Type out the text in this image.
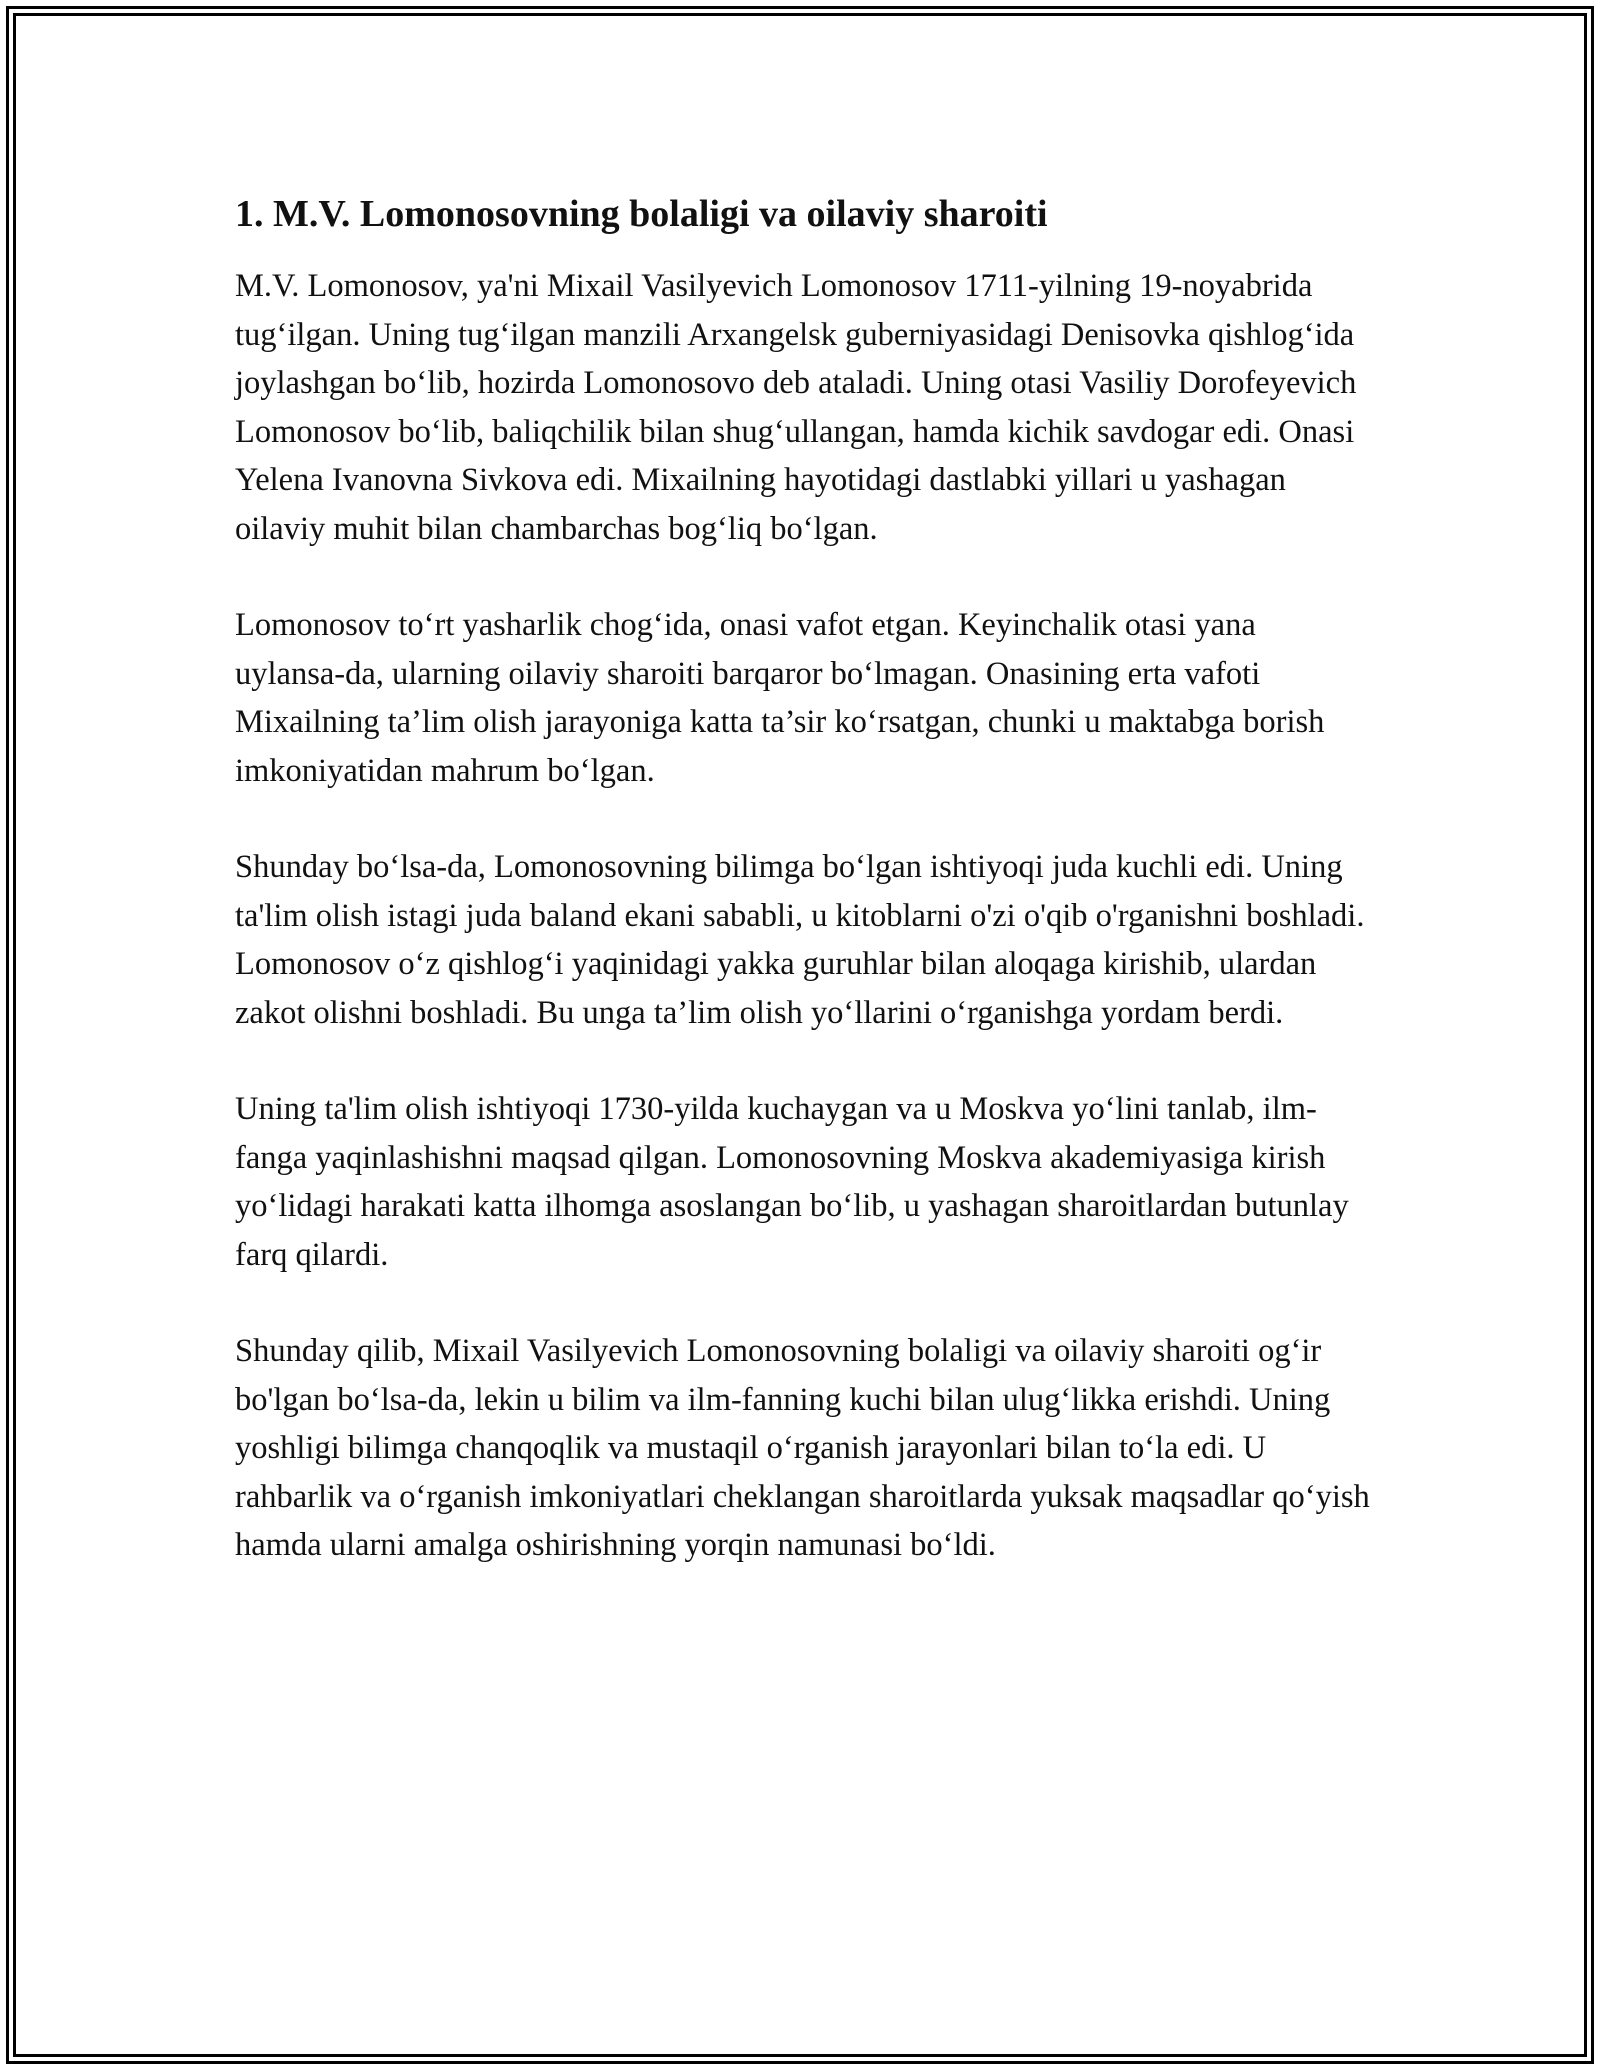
1. M.V. Lomonosovning bolaligi va oilaviy sharoiti

M.V. Lomonosov, ya'ni Mixail Vasilyevich Lomonosov 1711-yilning 19-noyabrida tug‘ilgan. Uning tug‘ilgan manzili Arxangelsk guberniyasidagi Denisovka qishlog‘ida joylashgan bo‘lib, hozirda Lomonosovo deb ataladi. Uning otasi Vasiliy Dorofeyevich Lomonosov bo‘lib, baliqchilik bilan shug‘ullangan, hamda kichik savdogar edi. Onasi Yelena Ivanovna Sivkova edi. Mixailning hayotidagi dastlabki yillari u yashagan oilaviy muhit bilan chambarchas bog‘liq bo‘lgan.

Lomonosov to‘rt yasharlik chog‘ida, onasi vafot etgan. Keyinchalik otasi yana uylansa-da, ularning oilaviy sharoiti barqaror bo‘lmagan. Onasining erta vafoti Mixailning ta’lim olish jarayoniga katta ta’sir ko‘rsatgan, chunki u maktabga borish imkoniyatidan mahrum bo‘lgan.

Shunday bo‘lsa-da, Lomonosovning bilimga bo‘lgan ishtiyoqi juda kuchli edi. Uning ta'lim olish istagi juda baland ekani sababli, u kitoblarni o'zi o'qib o'rganishni boshladi. Lomonosov o‘z qishlog‘i yaqinidagi yakka guruhlar bilan aloqaga kirishib, ulardan zakot olishni boshladi. Bu unga ta’lim olish yo‘llarini o‘rganishga yordam berdi.

Uning ta'lim olish ishtiyoqi 1730-yilda kuchaygan va u Moskva yo‘lini tanlab, ilm-fanga yaqinlashishni maqsad qilgan. Lomonosovning Moskva akademiyasiga kirish yo‘lidagi harakati katta ilhomga asoslangan bo‘lib, u yashagan sharoitlardan butunlay farq qilardi.

Shunday qilib, Mixail Vasilyevich Lomonosovning bolaligi va oilaviy sharoiti og‘ir bo'lgan bo‘lsa-da, lekin u bilim va ilm-fanning kuchi bilan ulug‘likka erishdi. Uning yoshligi bilimga chanqoqlik va mustaqil o‘rganish jarayonlari bilan to‘la edi. U rahbarlik va o‘rganish imkoniyatlari cheklangan sharoitlarda yuksak maqsadlar qo‘yish hamda ularni amalga oshirishning yorqin namunasi bo‘ldi.
